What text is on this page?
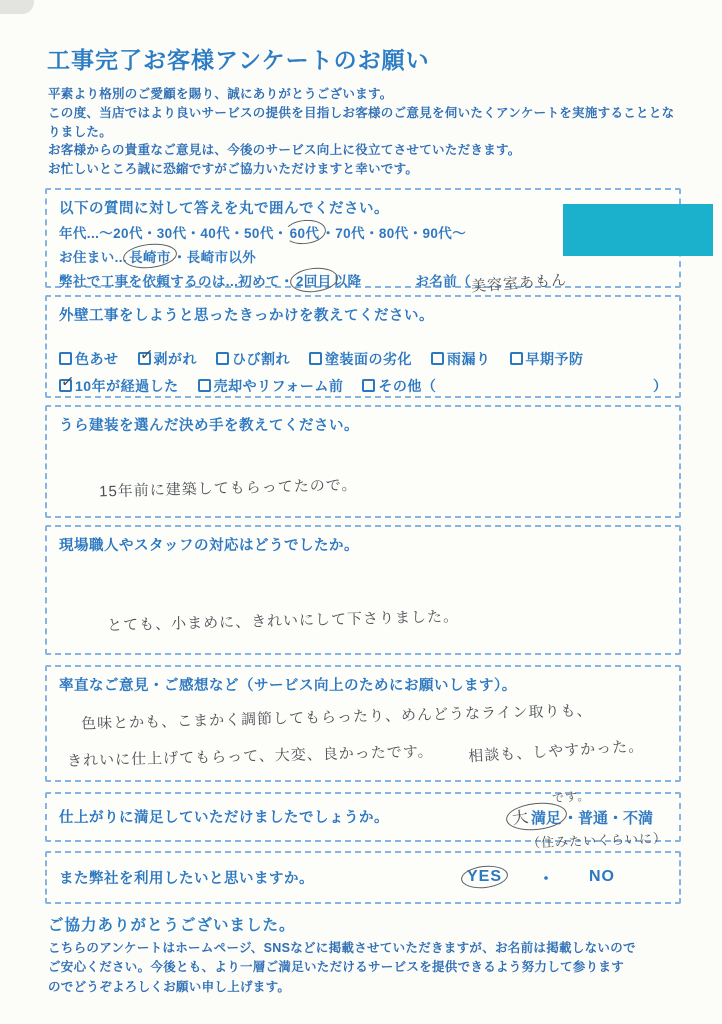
工事完了お客様アンケートのお願い

平素より格別のご愛顧を賜り、誠にありがとうございます。

この度、当店ではより良いサービスの提供を目指しお客様のご意見を伺いたくアンケートを実施することとなりました。

お客様からの貴重なご意見は、今後のサービス向上に役立てさせていただきます。

お忙しいところ誠に恐縮ですがご協力いただけますと幸いです。

以下の質問に対して答えを丸で囲んでください。

年代...～20代・30代・40代・50代・ 60代 ・70代・80代・90代～

お住まい... 長崎市 ・長崎市以外

弊社で工事を依頼するのは...初めて・ 2回目 以降	お名前（美容室あもん

外壁工事をしようと思ったきっかけを教えてください。

色あせ ✓
剥がれ	ひび割れ	塗装面の劣化	雨漏り	早期予防
✓
10年が経過した	売却やリフォーム前	その他（	）

うら建装を選んだ決め手を教えてください。

15年前に建築してもらってたので。

現場職人やスタッフの対応はどうでしたか。

とても、小まめに、きれいにして下さりました。

率直なご意見・ご感想など（サービス向上のためにお願いします）。

色味とかも、こまかく調節してもらったり、めんどうなライン取りも、

きれいに仕上げてもらって、大変、良かったです。 相談も、しやすかった。

仕上がりに満足していただけましたでしょうか。

です。
大満足 ・普通・不満
（住みたいくらいに）

また弊社を利用したいと思いますか。	YES ・ NO

ご協力ありがとうございました。

こちらのアンケートはホームページ、SNSなどに掲載させていただきますが、お名前は掲載しないので

ご安心ください。今後とも、より一層ご満足いただけるサービスを提供できるよう努力して参ります

のでどうぞよろしくお願い申し上げます。
